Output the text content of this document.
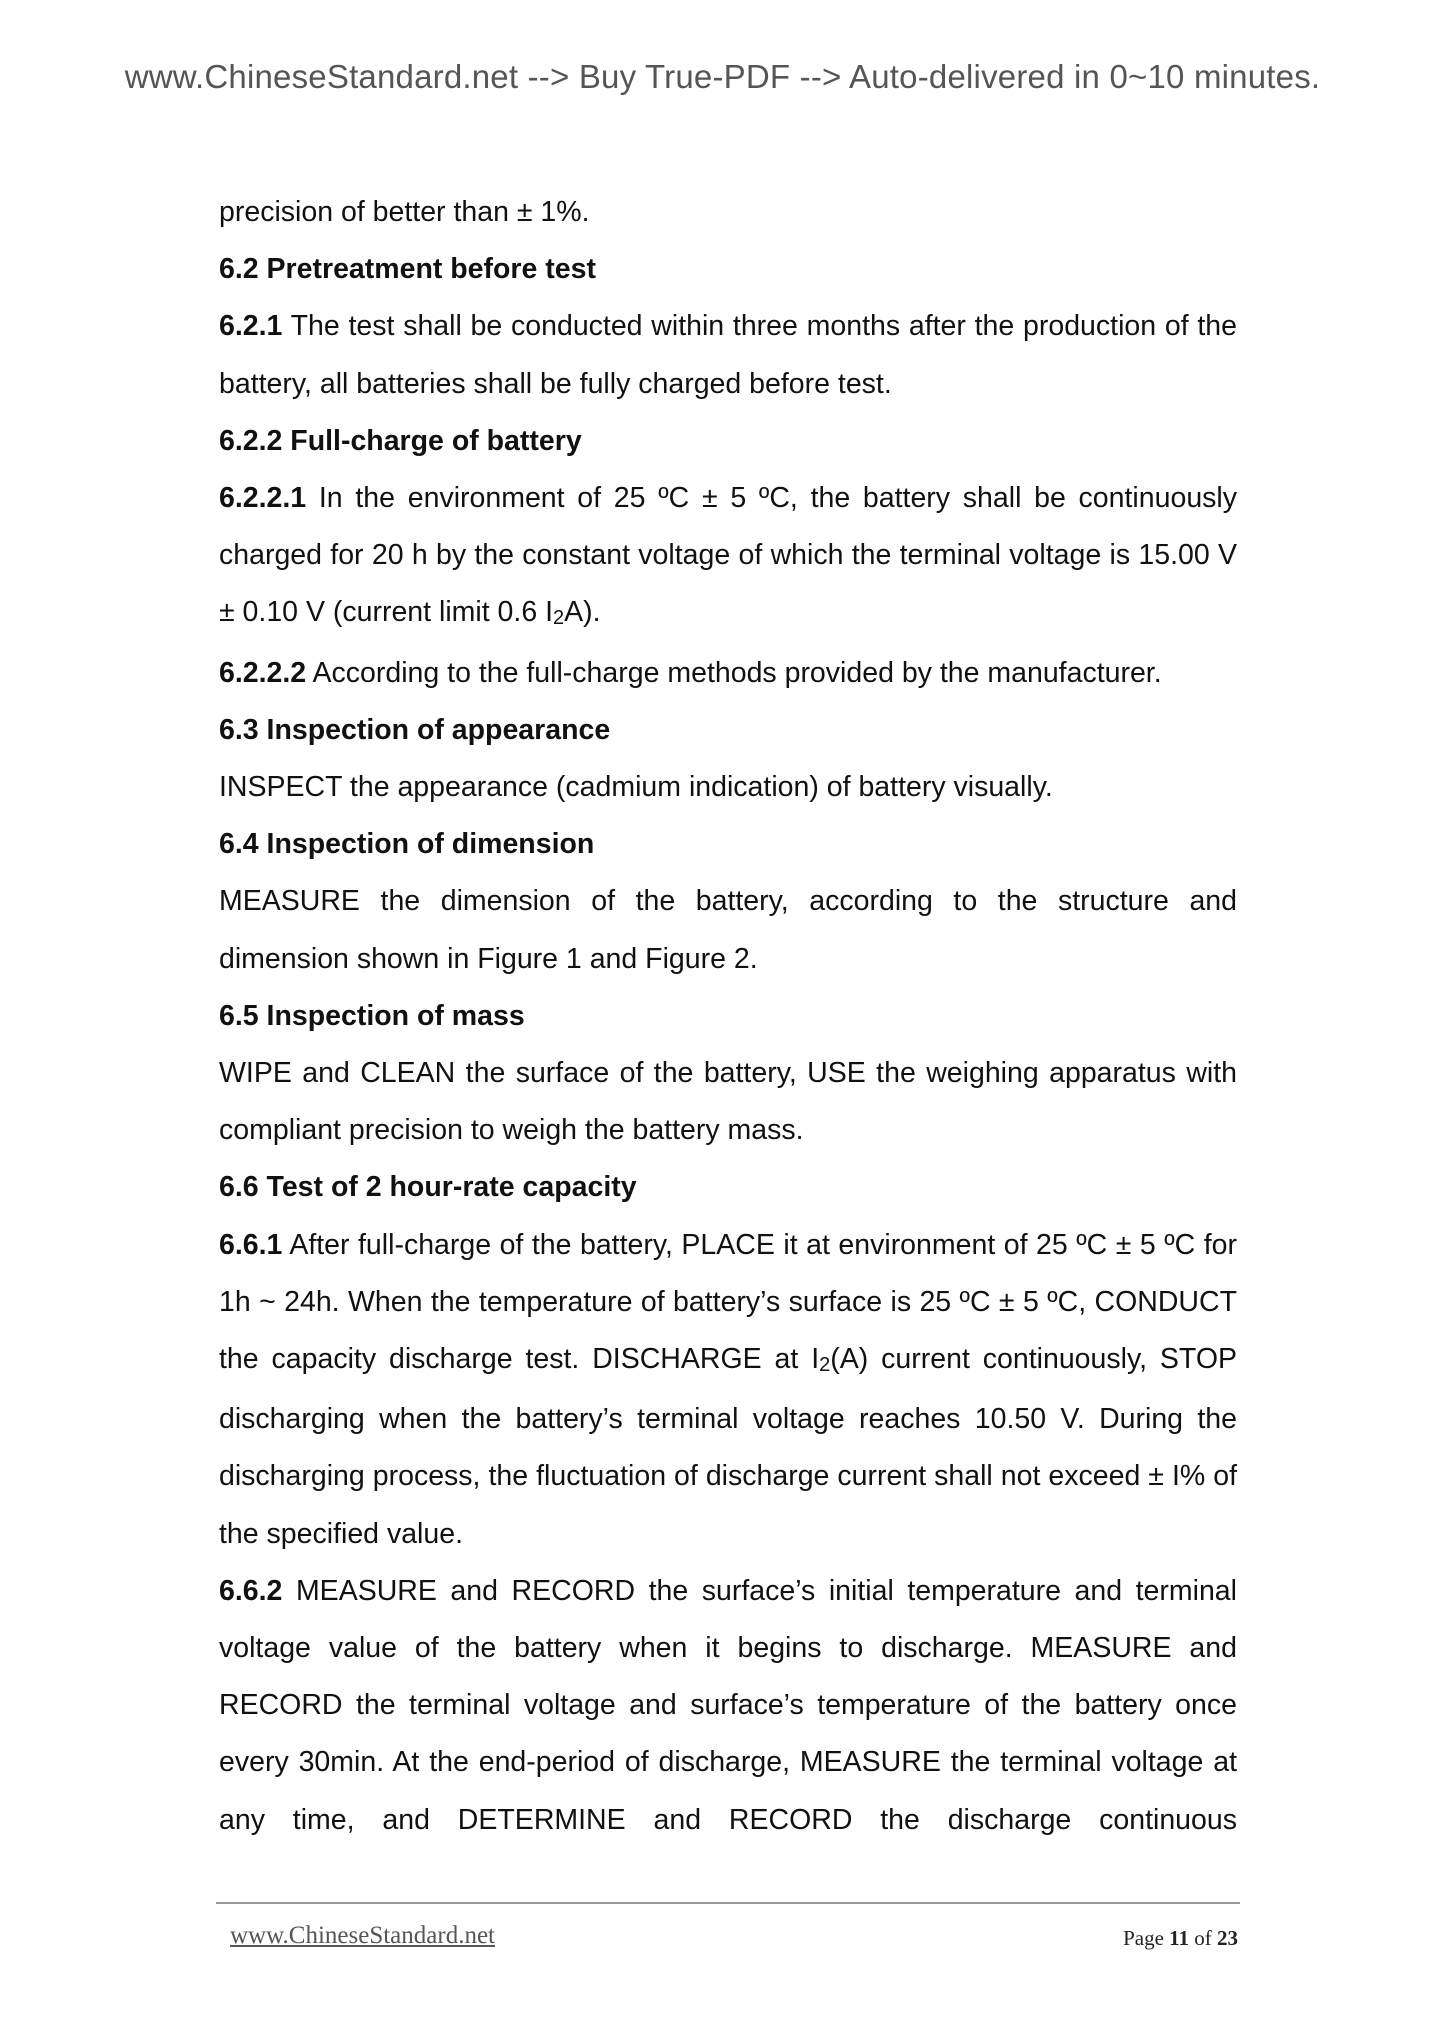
www.ChineseStandard.net --> Buy True-PDF --> Auto-delivered in 0~10 minutes.

precision of better than ± 1%.

6.2 Pretreatment before test

6.2.1 The test shall be conducted within three months after the production of the battery, all batteries shall be fully charged before test.

6.2.2 Full-charge of battery

6.2.2.1 In the environment of 25 ºC ± 5 ºC, the battery shall be continuously charged for 20 h by the constant voltage of which the terminal voltage is 15.00 V ± 0.10 V (current limit 0.6 $I_2A$).

6.2.2.2 According to the full-charge methods provided by the manufacturer.

6.3 Inspection of appearance

INSPECT the appearance (cadmium indication) of battery visually.

6.4 Inspection of dimension

MEASURE the dimension of the battery, according to the structure and dimension shown in Figure 1 and Figure 2.

6.5 Inspection of mass

WIPE and CLEAN the surface of the battery, USE the weighing apparatus with compliant precision to weigh the battery mass.

6.6 Test of 2 hour-rate capacity

6.6.1 After full-charge of the battery, PLACE it at environment of 25 ºC ± 5 ºC for 1h ~ 24h. When the temperature of battery’s surface is 25 ºC ± 5 ºC, CONDUCT the capacity discharge test. DISCHARGE at $I_2(A)$ current continuously, STOP discharging when the battery’s terminal voltage reaches 10.50 V. During the discharging process, the fluctuation of discharge current shall not exceed ± I% of the specified value.

6.6.2 MEASURE and RECORD the surface’s initial temperature and terminal voltage value of the battery when it begins to discharge. MEASURE and RECORD the terminal voltage and surface’s temperature of the battery once every 30min. At the end-period of discharge, MEASURE the terminal voltage at any time, and DETERMINE and RECORD the discharge continuous

www.ChineseStandard.net	Page 11 of 23
